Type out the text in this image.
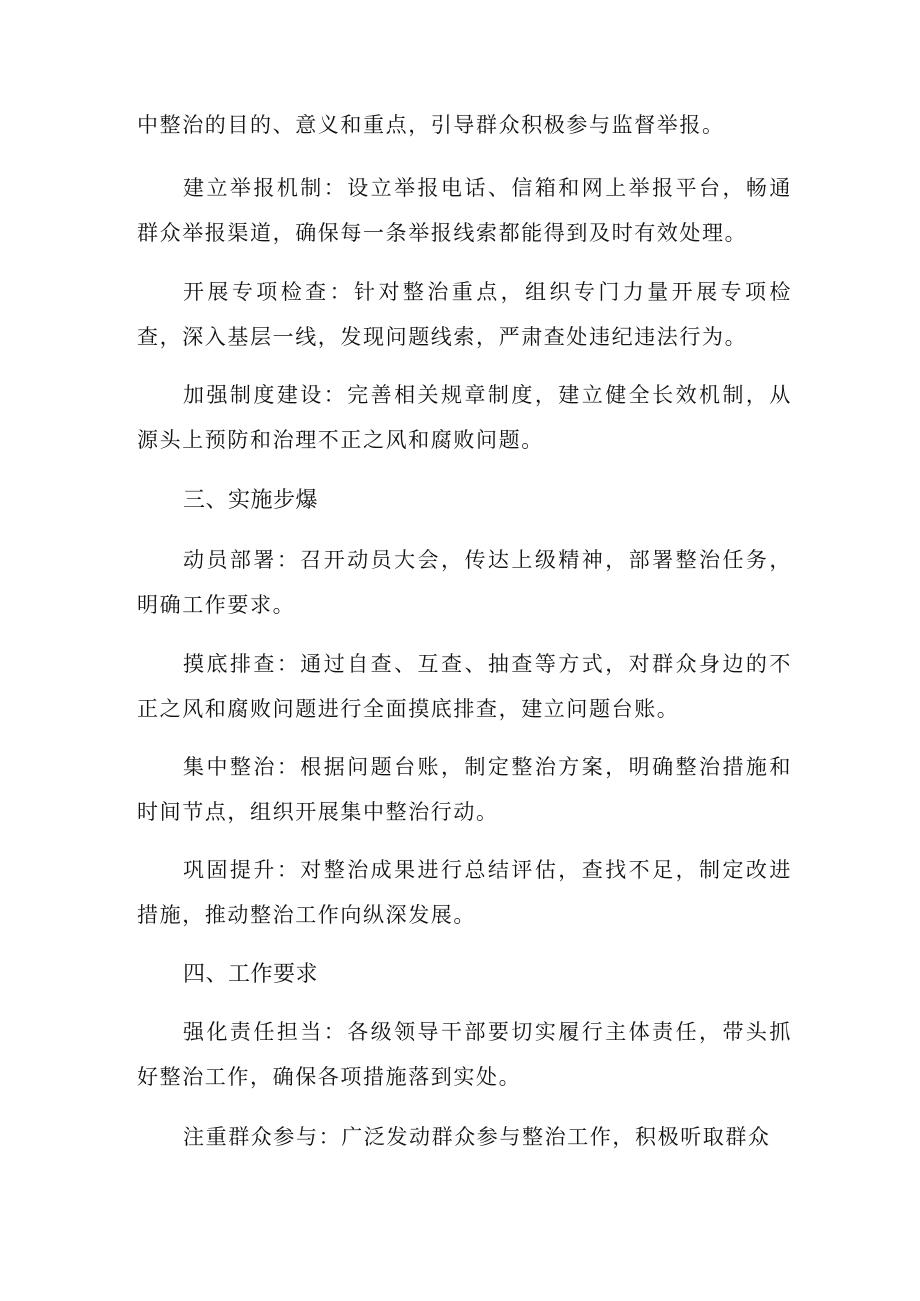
中整治的目的、意义和重点，引导群众积极参与监督举报。

建立举报机制：设立举报电话、信箱和网上举报平台，畅通群众举报渠道，确保每一条举报线索都能得到及时有效处理。

开展专项检查：针对整治重点，组织专门力量开展专项检查，深入基层一线，发现问题线索，严肃查处违纪违法行为。

加强制度建设：完善相关规章制度，建立健全长效机制，从源头上预防和治理不正之风和腐败问题。

三、实施步爆

动员部署：召开动员大会，传达上级精神，部署整治任务，明确工作要求。

摸底排查：通过自查、互查、抽查等方式，对群众身边的不正之风和腐败问题进行全面摸底排查，建立问题台账。

集中整治：根据问题台账，制定整治方案，明确整治措施和时间节点，组织开展集中整治行动。

巩固提升：对整治成果进行总结评估，查找不足，制定改进措施，推动整治工作向纵深发展。

四、工作要求

强化责任担当：各级领导干部要切实履行主体责任，带头抓好整治工作，确保各项措施落到实处。

注重群众参与：广泛发动群众参与整治工作，积极听取群众
